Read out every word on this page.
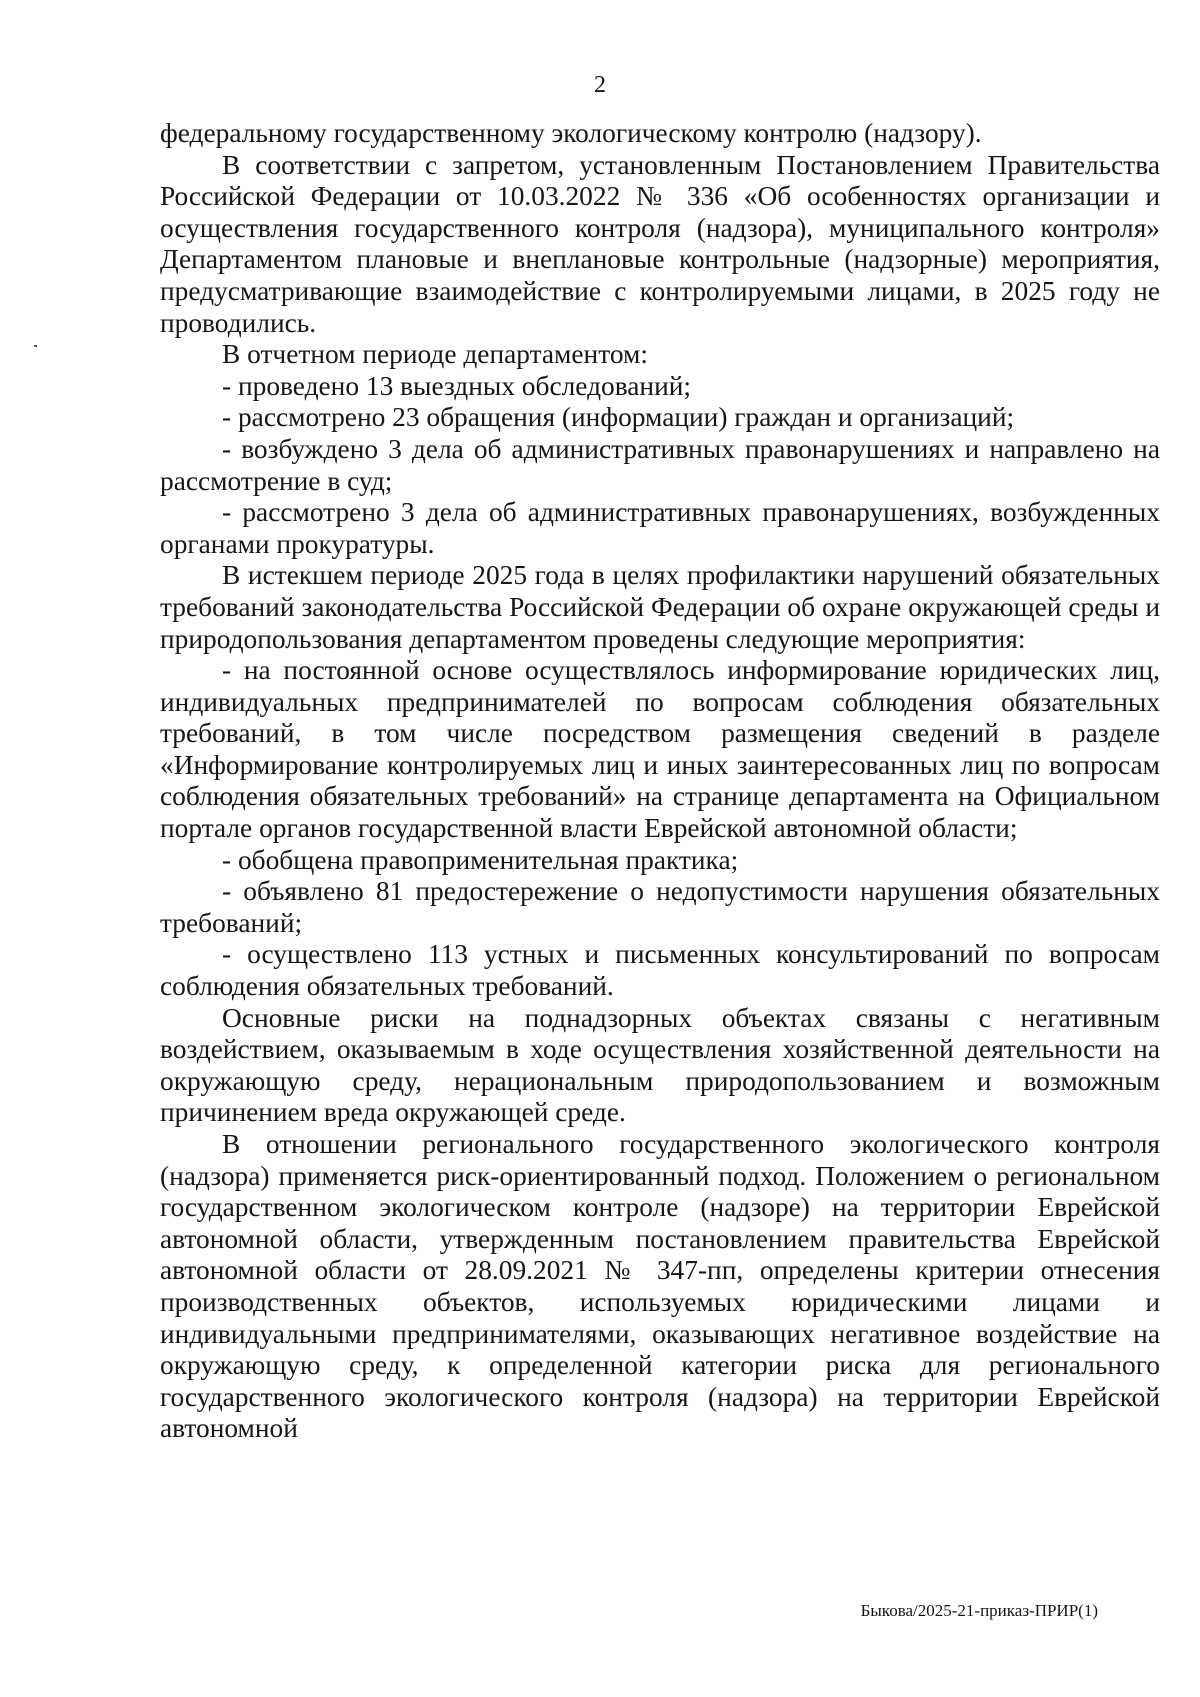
2

федеральному государственному экологическому контролю (надзору).

В соответствии с запретом, установленным Постановлением Правительства Российской Федерации от 10.03.2022 № 336 «Об особенностях организации и осуществления государственного контроля (надзора), муниципального контроля» Департаментом плановые и внеплановые контрольные (надзорные) мероприятия, предусматривающие взаимодействие с контролируемыми лицами, в 2025 году не проводились.

В отчетном периоде департаментом:

- проведено 13 выездных обследований;

- рассмотрено 23 обращения (информации) граждан и организаций;

- возбуждено 3 дела об административных правонарушениях и направлено на рассмотрение в суд;

- рассмотрено 3 дела об административных правонарушениях, возбужденных органами прокуратуры.

В истекшем периоде 2025 года в целях профилактики нарушений обязательных требований законодательства Российской Федерации об охране окружающей среды и природопользования департаментом проведены следующие мероприятия:

- на постоянной основе осуществлялось информирование юридических лиц, индивидуальных предпринимателей по вопросам соблюдения обязательных требований, в том числе посредством размещения сведений в разделе «Информирование контролируемых лиц и иных заинтересованных лиц по вопросам соблюдения обязательных требований» на странице департамента на Официальном портале органов государственной власти Еврейской автономной области;

- обобщена правоприменительная практика;

- объявлено 81 предостережение о недопустимости нарушения обязательных требований;

- осуществлено 113 устных и письменных консультирований по вопросам соблюдения обязательных требований.

Основные риски на поднадзорных объектах связаны с негативным воздействием, оказываемым в ходе осуществления хозяйственной деятельности на окружающую среду, нерациональным природопользованием и возможным причинением вреда окружающей среде.

В отношении регионального государственного экологического контроля (надзора) применяется риск-ориентированный подход. Положением о региональном государственном экологическом контроле (надзоре) на территории Еврейской автономной области, утвержденным постановлением правительства Еврейской автономной области от 28.09.2021 № 347-пп, определены критерии отнесения производственных объектов, используемых юридическими лицами и индивидуальными предпринимателями, оказывающих негативное воздействие на окружающую среду, к определенной категории риска для регионального государственного экологического контроля (надзора) на территории Еврейской автономной

Быкова/2025-21-приказ-ПРИР(1)
